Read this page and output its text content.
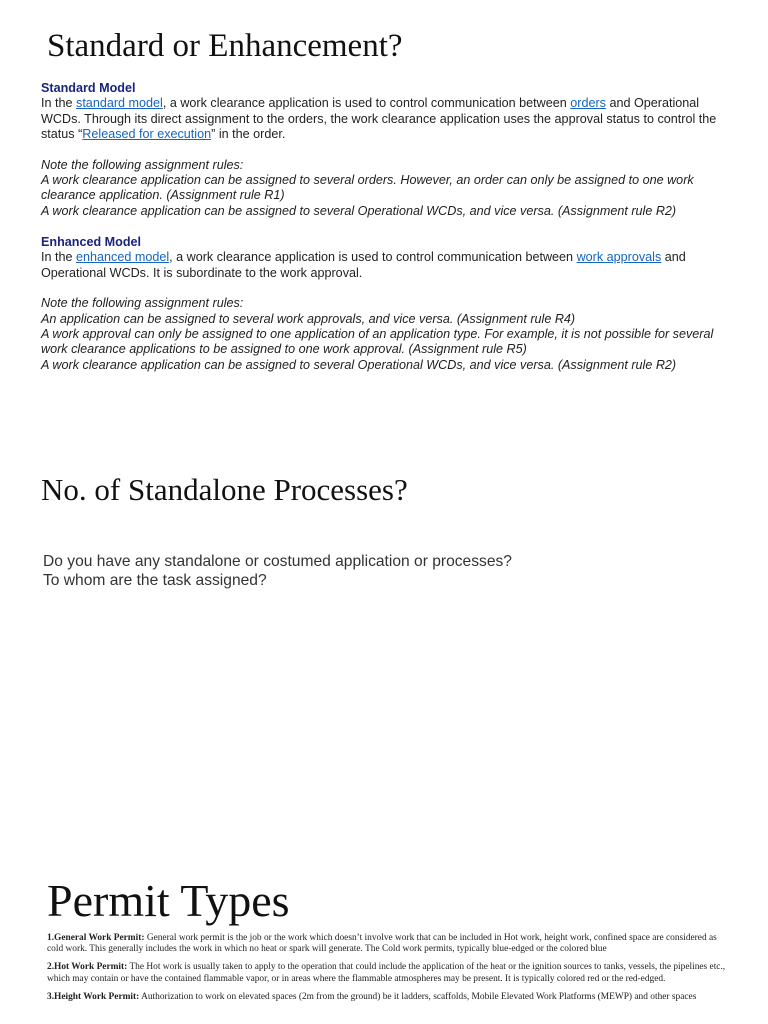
Standard or Enhancement?

Standard Model

In the standard model, a work clearance application is used to control communication between orders and Operational WCDs. Through its direct assignment to the orders, the work clearance application uses the approval status to control the status “Released for execution” in the order.

Note the following assignment rules:

A work clearance application can be assigned to several orders. However, an order can only be assigned to one work clearance application. (Assignment rule R1)

A work clearance application can be assigned to several Operational WCDs, and vice versa. (Assignment rule R2)

Enhanced Model

In the enhanced model, a work clearance application is used to control communication between work approvals and Operational WCDs. It is subordinate to the work approval.

Note the following assignment rules:

An application can be assigned to several work approvals, and vice versa. (Assignment rule R4)

A work approval can only be assigned to one application of an application type. For example, it is not possible for several work clearance applications to be assigned to one work approval. (Assignment rule R5)

A work clearance application can be assigned to several Operational WCDs, and vice versa. (Assignment rule R2)

No. of Standalone Processes?

Do you have any standalone or costumed application or processes?

To whom are the task assigned?

Permit Types

1.General Work Permit: General work permit is the job or the work which doesn’t involve work that can be included in Hot work, height work, confined space are considered as cold work. This generally includes the work in which no heat or spark will generate. The Cold work permits, typically blue-edged or the colored blue

2.Hot Work Permit: The Hot work is usually taken to apply to the operation that could include the application of the heat or the ignition sources to tanks, vessels, the pipelines etc., which may contain or have the contained flammable vapor, or in areas where the flammable atmospheres may be present. It is typically colored red or the red-edged.

3.Height Work Permit: Authorization to work on elevated spaces (2m from the ground) be it ladders, scaffolds, Mobile Elevated Work Platforms (MEWP) and other spaces
